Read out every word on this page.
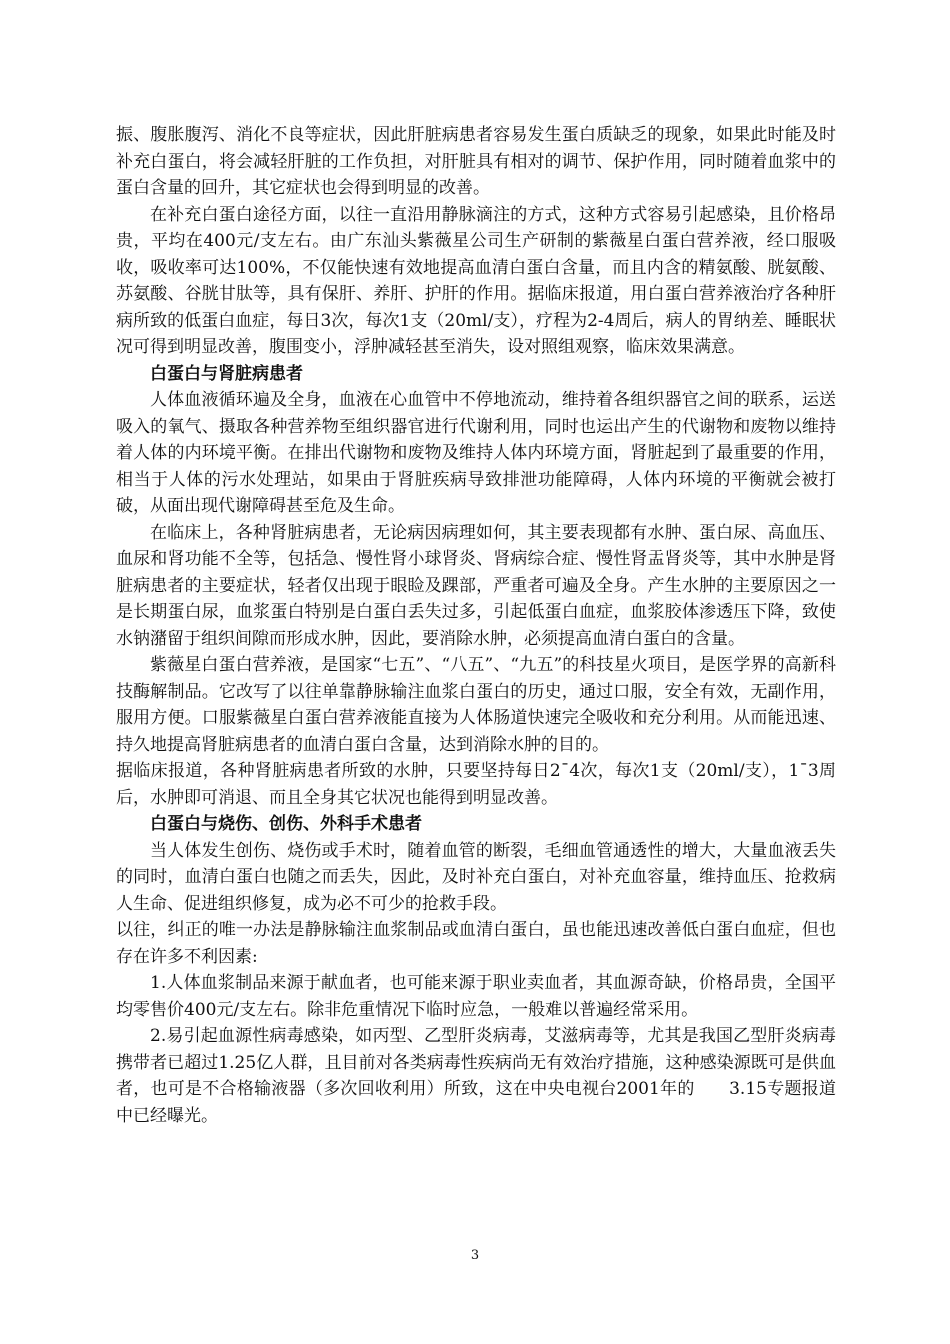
振、腹胀腹泻、消化不良等症状，因此肝脏病患者容易发生蛋白质缺乏的现象，如果此时能及时补充白蛋白，将会减轻肝脏的工作负担，对肝脏具有相对的调节、保护作用，同时随着血浆中的蛋白含量的回升，其它症状也会得到明显的改善。

在补充白蛋白途径方面，以往一直沿用静脉滴注的方式，这种方式容易引起感染，且价格昂贵，平均在400元/支左右。由广东汕头紫薇星公司生产研制的紫薇星白蛋白营养液，经口服吸收，吸收率可达100%，不仅能快速有效地提高血清白蛋白含量，而且内含的精氨酸、胱氨酸、苏氨酸、谷胱甘肽等，具有保肝、养肝、护肝的作用。据临床报道，用白蛋白营养液治疗各种肝病所致的低蛋白血症，每日3次，每次1支（20ml/支），疗程为2-4周后，病人的胃纳差、睡眠状况可得到明显改善，腹围变小，浮肿减轻甚至消失，设对照组观察，临床效果满意。

白蛋白与肾脏病患者

人体血液循环遍及全身，血液在心血管中不停地流动，维持着各组织器官之间的联系，运送吸入的氧气、摄取各种营养物至组织器官进行代谢利用，同时也运出产生的代谢物和废物以维持着人体的内环境平衡。在排出代谢物和废物及维持人体内环境方面，肾脏起到了最重要的作用，相当于人体的污水处理站，如果由于肾脏疾病导致排泄功能障碍，人体内环境的平衡就会被打破，从面出现代谢障碍甚至危及生命。

在临床上，各种肾脏病患者，无论病因病理如何，其主要表现都有水肿、蛋白尿、高血压、血尿和肾功能不全等，包括急、慢性肾小球肾炎、肾病综合症、慢性肾盂肾炎等，其中水肿是肾脏病患者的主要症状，轻者仅出现于眼睑及踝部，严重者可遍及全身。产生水肿的主要原因之一是长期蛋白尿，血浆蛋白特别是白蛋白丢失过多，引起低蛋白血症，血浆胶体渗透压下降，致使水钠潴留于组织间隙而形成水肿，因此，要消除水肿，必须提高血清白蛋白的含量。

紫薇星白蛋白营养液，是国家“七五”、“八五”、“九五”的科技星火项目，是医学界的高新科技酶解制品。它改写了以往单靠静脉输注血浆白蛋白的历史，通过口服，安全有效，无副作用，服用方便。口服紫薇星白蛋白营养液能直接为人体肠道快速完全吸收和充分利用。从而能迅速、持久地提高肾脏病患者的血清白蛋白含量，达到消除水肿的目的。

据临床报道，各种肾脏病患者所致的水肿，只要坚持每日2¯4次，每次1支（20ml/支），1¯3周后，水肿即可消退、而且全身其它状况也能得到明显改善。

白蛋白与烧伤、创伤、外科手术患者

当人体发生创伤、烧伤或手术时，随着血管的断裂，毛细血管通透性的增大，大量血液丢失的同时，血清白蛋白也随之而丢失，因此，及时补充白蛋白，对补充血容量，维持血压、抢救病人生命、促进组织修复，成为必不可少的抢救手段。

以往，纠正的唯一办法是静脉输注血浆制品或血清白蛋白，虽也能迅速改善低白蛋白血症，但也存在许多不利因素:

1.人体血浆制品来源于献血者，也可能来源于职业卖血者，其血源奇缺，价格昂贵，全国平均零售价400元/支左右。除非危重情况下临时应急，一般难以普遍经常采用。

2.易引起血源性病毒感染，如丙型、乙型肝炎病毒，艾滋病毒等，尤其是我国乙型肝炎病毒携带者已超过1.25亿人群，且目前对各类病毒性疾病尚无有效治疗措施，这种感染源既可是供血者，也可是不合格输液器（多次回收利用）所致，这在中央电视台2001年的　　3.15专题报道中已经曝光。

3
